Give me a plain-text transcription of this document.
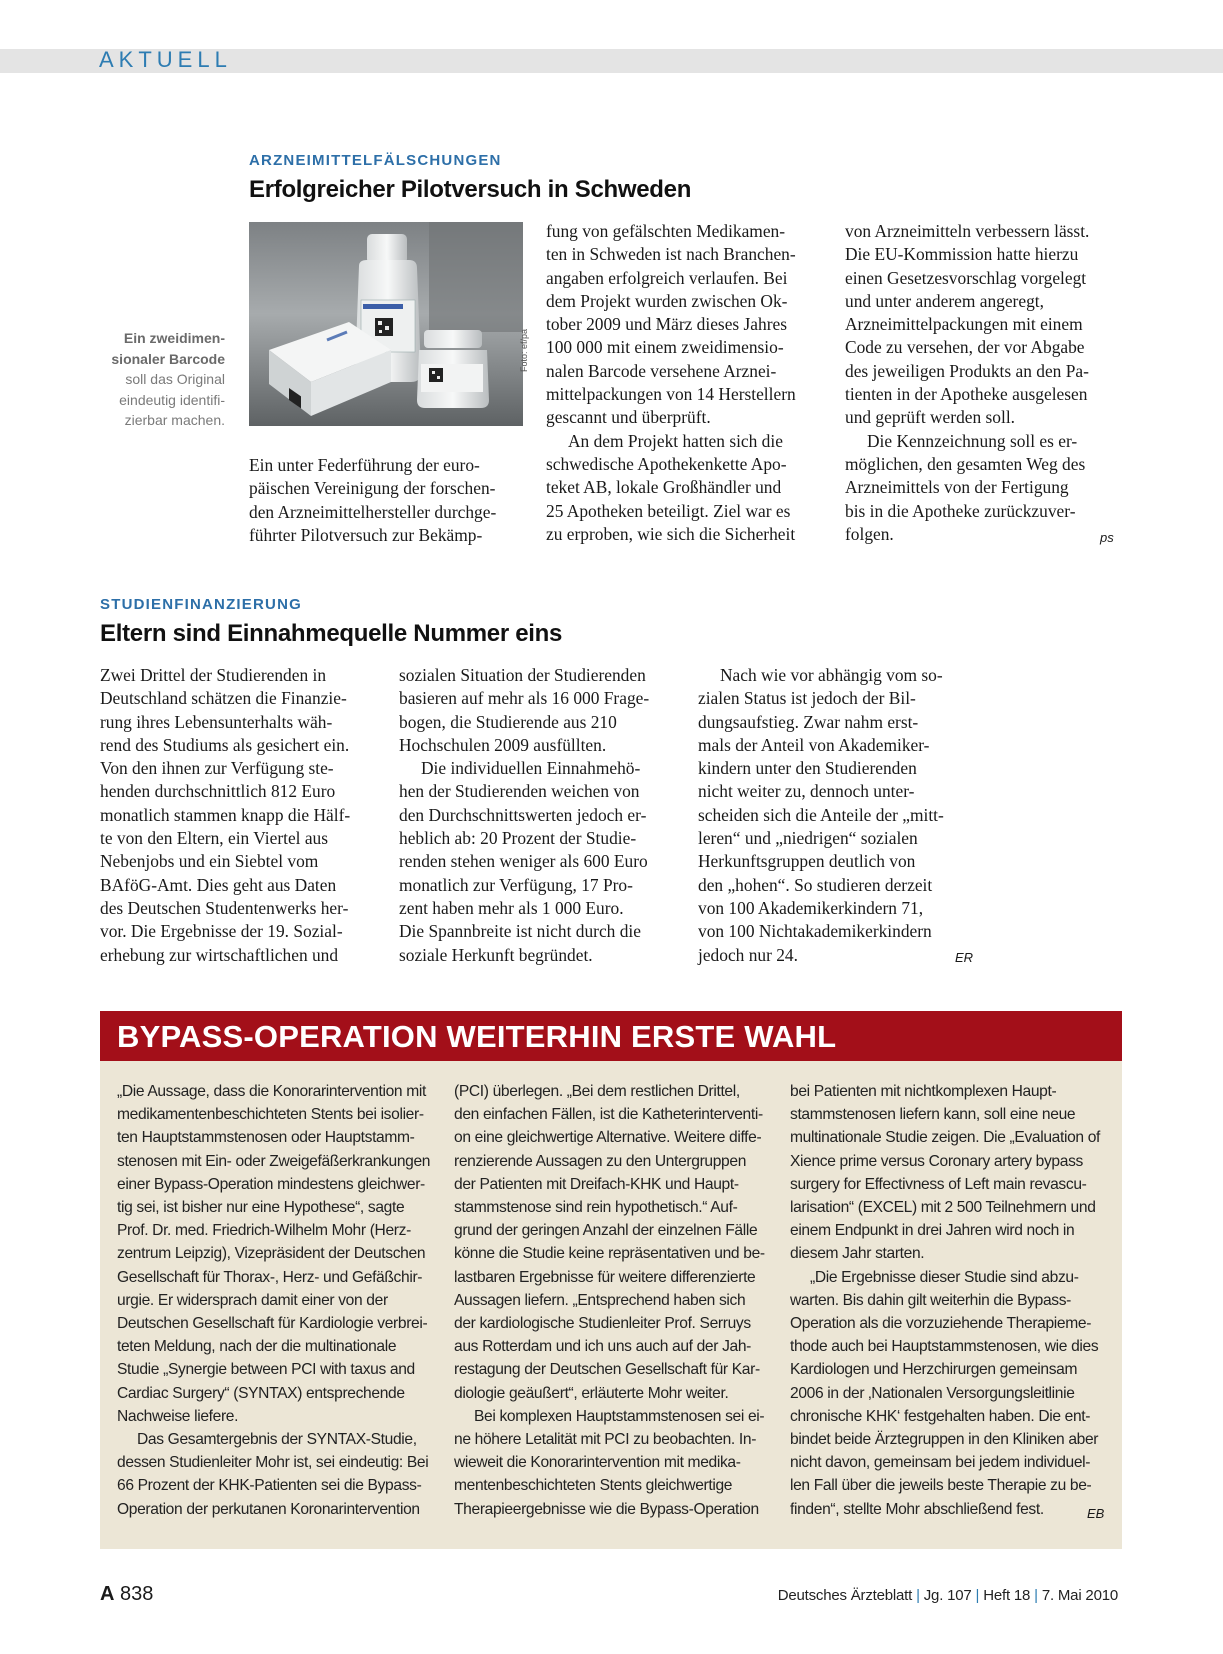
AKTUELL
ARZNEIMITTELFÄLSCHUNGEN
Erfolgreicher Pilotversuch in Schweden
Ein zweidimen-
sionaler Barcode
soll das Original
eindeutig identifi-
zierbar machen.
Foto: ef/pa

Ein unter Federführung der euro-
päischen Vereinigung der forschen-
den Arzneimittelhersteller durchge-
führter Pilotversuch zur Bekämp-

fung von gefälschten Medikamen-
ten in Schweden ist nach Branchen-
angaben erfolgreich verlaufen. Bei
dem Projekt wurden zwischen Ok-
tober 2009 und März dieses Jahres
100 000 mit einem zweidimensio-
nalen Barcode versehene Arznei-
mittelpackungen von 14 Herstellern
gescannt und überprüft.

An dem Projekt hatten sich die
schwedische Apothekenkette Apo-
teket AB, lokale Großhändler und
25 Apotheken beteiligt. Ziel war es
zu erproben, wie sich die Sicherheit

von Arzneimitteln verbessern lässt.
Die EU-Kommission hatte hierzu
einen Gesetzesvorschlag vorgelegt
und unter anderem angeregt,
Arzneimittelpackungen mit einem
Code zu versehen, der vor Abgabe
des jeweiligen Produkts an den Pa-
tienten in der Apotheke ausgelesen
und geprüft werden soll.

Die Kennzeichnung soll es er-
möglichen, den gesamten Weg des
Arzneimittels von der Fertigung
bis in die Apotheke zurückzuver-
folgen.	ps
STUDIENFINANZIERUNG
Eltern sind Einnahmequelle Nummer eins

Zwei Drittel der Studierenden in
Deutschland schätzen die Finanzie-
rung ihres Lebensunterhalts wäh-
rend des Studiums als gesichert ein.
Von den ihnen zur Verfügung ste-
henden durchschnittlich 812 Euro
monatlich stammen knapp die Hälf-
te von den Eltern, ein Viertel aus
Nebenjobs und ein Siebtel vom
BAföG-Amt. Dies geht aus Daten
des Deutschen Studentenwerks her-
vor. Die Ergebnisse der 19. Sozial-
erhebung zur wirtschaftlichen und

sozialen Situation der Studierenden
basieren auf mehr als 16 000 Frage-
bogen, die Studierende aus 210
Hochschulen 2009 ausfüllten.

Die individuellen Einnahmehö-
hen der Studierenden weichen von
den Durchschnittswerten jedoch er-
heblich ab: 20 Prozent der Studie-
renden stehen weniger als 600 Euro
monatlich zur Verfügung, 17 Pro-
zent haben mehr als 1 000 Euro.
Die Spannbreite ist nicht durch die
soziale Herkunft begründet.

Nach wie vor abhängig vom so-
zialen Status ist jedoch der Bil-
dungsaufstieg. Zwar nahm erst-
mals der Anteil von Akademiker-
kindern unter den Studierenden
nicht weiter zu, dennoch unter-
scheiden sich die Anteile der „mitt-
leren“ und „niedrigen“ sozialen
Herkunftsgruppen deutlich von
den „hohen“. So studieren derzeit
von 100 Akademikerkindern 71,
von 100 Nichtakademikerkindern
jedoch nur 24.	ER
BYPASS-OPERATION WEITERHIN ERSTE WAHL

„Die Aussage, dass die Konorarintervention mit
medikamentenbeschichteten Stents bei isolier-
ten Hauptstammstenosen oder Hauptstamm-
stenosen mit Ein- oder Zweigefäßerkrankungen
einer Bypass-Operation mindestens gleichwer-
tig sei, ist bisher nur eine Hypothese“, sagte
Prof. Dr. med. Friedrich-Wilhelm Mohr (Herz-
zentrum Leipzig), Vizepräsident der Deutschen
Gesellschaft für Thorax-, Herz- und Gefäßchir-
urgie. Er widersprach damit einer von der
Deutschen Gesellschaft für Kardiologie verbrei-
teten Meldung, nach der die multinationale
Studie „Synergie between PCI with taxus and
Cardiac Surgery“ (SYNTAX) entsprechende
Nachweise liefere.

Das Gesamtergebnis der SYNTAX-Studie,
dessen Studienleiter Mohr ist, sei eindeutig: Bei
66 Prozent der KHK-Patienten sei die Bypass-
Operation der perkutanen Koronarintervention

(PCI) überlegen. „Bei dem restlichen Drittel,
den einfachen Fällen, ist die Katheterinterventi-
on eine gleichwertige Alternative. Weitere diffe-
renzierende Aussagen zu den Untergruppen
der Patienten mit Dreifach-KHK und Haupt-
stammstenose sind rein hypothetisch.“ Auf-
grund der geringen Anzahl der einzelnen Fälle
könne die Studie keine repräsentativen und be-
lastbaren Ergebnisse für weitere differenzierte
Aussagen liefern. „Entsprechend haben sich
der kardiologische Studienleiter Prof. Serruys
aus Rotterdam und ich uns auch auf der Jah-
restagung der Deutschen Gesellschaft für Kar-
diologie geäußert“, erläuterte Mohr weiter.

Bei komplexen Hauptstammstenosen sei ei-
ne höhere Letalität mit PCI zu beobachten. In-
wieweit die Konorarintervention mit medika-
mentenbeschichteten Stents gleichwertige
Therapieergebnisse wie die Bypass-Operation

bei Patienten mit nichtkomplexen Haupt-
stammstenosen liefern kann, soll eine neue
multinationale Studie zeigen. Die „Evaluation of
Xience prime versus Coronary artery bypass
surgery for Effectivness of Left main revascu-
larisation“ (EXCEL) mit 2 500 Teilnehmern und
einem Endpunkt in drei Jahren wird noch in
diesem Jahr starten.

„Die Ergebnisse dieser Studie sind abzu-
warten. Bis dahin gilt weiterhin die Bypass-
Operation als die vorzuziehende Therapieme-
thode auch bei Hauptstammstenosen, wie dies
Kardiologen und Herzchirurgen gemeinsam
2006 in der ‚Nationalen Versorgungsleitlinie
chronische KHK‘ festgehalten haben. Die ent-
bindet beide Ärztegruppen in den Kliniken aber
nicht davon, gemeinsam bei jedem individuel-
len Fall über die jeweils beste Therapie zu be-
finden“, stellte Mohr abschließend fest.	EB
A 838	Deutsches Ärzteblatt | Jg. 107 | Heft 18 | 7. Mai 2010
